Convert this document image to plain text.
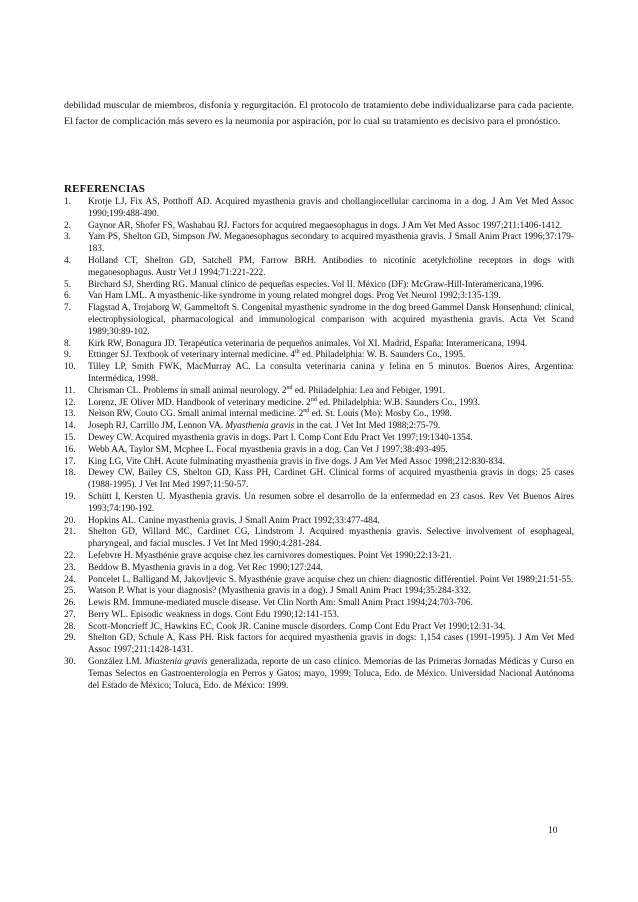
debilidad muscular de miembros, disfonía y regurgitación. El protocolo de tratamiento debe individualizarse para cada paciente. El factor de complicación más severo es la neumonía por aspiración, por lo cual su tratamiento es decisivo para el pronóstico.

REFERENCIAS
1.	Krotje LJ, Fix AS, Potthoff AD. Acquired myasthenia gravis and chollangiocellular carcinoma in a dog. J Am Vet Med Assoc 1990;199:488-490.
2.	Gaynor AR, Shofer FS, Washabau RJ. Factors for acquired megaesophagus in dogs. J Am Vet Med Assoc 1997;211:1406-1412.
3.	Yam PS, Shelton GD, Simpson JW. Megaoesophagus secondary to acquired myasthenia gravis. J Small Anim Pract 1996;37:179-183.
4.	Holland CT, Shelton GD, Satchell PM, Farrow BRH. Antibodies to nicotinic acetylcholine receptors in dogs with megaoesophagus. Austr Vet J 1994;71:221-222.
5.	Birchard SJ, Sherding RG. Manual clínico de pequeñas especies. Vol II. México (DF): McGraw-Hill-Interamericana,1996.
6.	Van Ham LML. A myasthenic-like syndrome in young related mongrel dogs. Prog Vet Neurol 1992;3:135-139.
7.	Flagstad A, Trojaborg W, Gammeltoft S. Congenital myasthenic syndrome in the dog breed Gammel Dansk Honsenhund: clinical, electrophysiological, pharmacological and immunological comparison with acquired myasthenia gravis. Acta Vet Scand 1989;30:89-102.
8.	Kirk RW, Bonagura JD. Terapéutica veterinaria de pequeños animales. Vol XI. Madrid, España: Interamericana, 1994.
9.	Ettinger SJ. Textbook of veterinary internal medicine. 4th ed. Philadelphia: W. B. Saunders Co., 1995.
10.	Tilley LP, Smith FWK, MacMurray AC. La consulta veterinaria canina y felina en 5 minutos. Buenos Aires, Argentina: Intermédica, 1998.
11.	Chrisman CL. Problems in small animal neurology. 2nd ed. Philadelphia: Lea and Febiger, 1991.
12.	Lorenz, JE Oliver MD. Handbook of veterinary medicine. 2nd ed. Philadelphia: W.B. Saunders Co., 1993.
13.	Nelson RW, Couto CG. Small animal internal medicine. 2nd ed. St. Louis (Mo): Mosby Co., 1998.
14.	Joseph RJ, Carrillo JM, Lennon VA. Myasthenia gravis in the cat. J Vet Int Med 1988;2:75-79.
15.	Dewey CW. Acquired myasthenia gravis in dogs. Part I. Comp Cont Edu Pract Vet 1997;19:1340-1354.
16.	Webb AA, Taylor SM, Mcphee L. Focal myasthenia gravis in a dog. Can Vet J 1997;38:493-495.
17.	King LG, Vite ChH. Acute fulminating myasthenia gravis in five dogs. J Am Vet Med Assoc 1998;212:830-834.
18.	Dewey CW, Bailey CS, Shelton GD, Kass PH, Cardinet GH. Clinical forms of acquired myasthenia gravis in dogs: 25 cases (1988-1995). J Vet Int Med 1997;11:50-57.
19.	Schütt I, Kersten U. Myasthenia gravis. Un resumen sobre el desarrollo de la enfermedad en 23 casos. Rev Vet Buenos Aires 1993;74:190-192.
20.	Hopkins AL. Canine myasthenia gravis. J Small Anim Pract 1992;33:477-484.
21.	Shelton GD, Willard MC, Cardinet CG, Lindstrom J. Acquired myasthenia gravis. Selective involvement of esophageal, pharyngeal, and facial muscles. J Vet Int Med 1990;4:281-284.
22.	Lefebvre H. Myasthénie grave acquise chez les carnivores domestiques. Point Vet 1990;22:13-21.
23.	Beddow B. Myasthenia gravis in a dog. Vet Rec 1990;127:244.
24.	Poncelet L, Balligand M, Jakovljevic S. Myasthénie grave acquise chez un chien: diagnostic différentiel. Point Vet 1989;21:51-55.
25.	Watson P. What is your diagnosis? (Myasthenia gravis in a dog). J Small Anim Pract 1994;35:284-332.
26.	Lewis RM. Immune-mediated muscle disease. Vet Clin North Am: Small Anim Pract 1994;24:703-706.
27.	Berry WL. Episodic weakness in dogs. Cont Edu 1990;12:141-153.
28.	Scott-Moncrieff JC, Hawkins EC, Cook JR. Canine muscle disorders. Comp Cont Edu Pract Vet 1990;12:31-34.
29.	Shelton GD, Schule A, Kass PH. Risk factors for acquired myasthenia gravis in dogs: 1,154 cases (1991-1995). J Am Vet Med Assoc 1997;211:1428-1431.
30.	González LM. Miastenia gravis generalizada, reporte de un caso clínico. Memorias de las Primeras Jornadas Médicas y Curso en Temas Selectos en Gastroenterología en Perros y Gatos; mayo, 1999; Toluca, Edo. de México. Universidad Nacional Autónoma del Estado de México; Toluca, Edo. de México: 1999.
10
